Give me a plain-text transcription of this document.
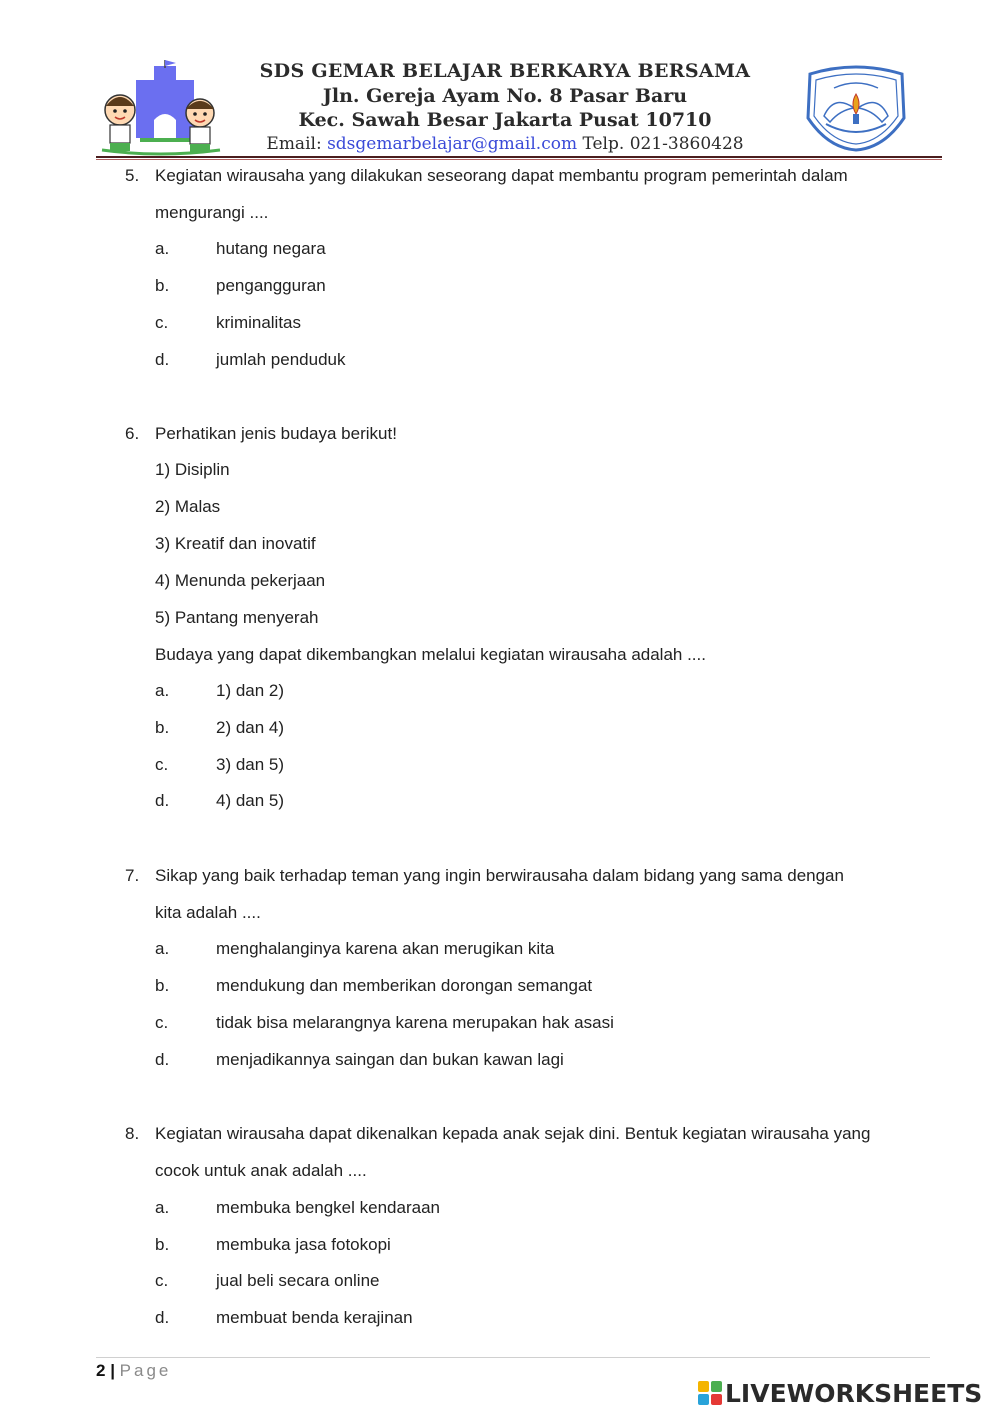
SDS GEMAR BELAJAR BERKARYA BERSAMA
Jln. Gereja Ayam No. 8 Pasar Baru
Kec. Sawah Besar Jakarta Pusat 10710
Email: sdsgemarbelajar@gmail.com Telp. 021-3860428
5. Kegiatan wirausaha yang dilakukan seseorang dapat membantu program pemerintah dalam
mengurangi ....
a.	hutang negara
b.	pengangguran
c.	kriminalitas
d.	jumlah penduduk
6. Perhatikan jenis budaya berikut!
1) Disiplin
2) Malas
3) Kreatif dan inovatif
4) Menunda pekerjaan
5) Pantang menyerah
Budaya yang dapat dikembangkan melalui kegiatan wirausaha adalah ....
a.	1) dan 2)
b.	2) dan 4)
c.	3) dan 5)
d.	4) dan 5)
7. Sikap yang baik terhadap teman yang ingin berwirausaha dalam bidang yang sama dengan
kita adalah ....
a.	menghalanginya karena akan merugikan kita
b.	mendukung dan memberikan dorongan semangat
c.	tidak bisa melarangnya karena merupakan hak asasi
d.	menjadikannya saingan dan bukan kawan lagi
8. Kegiatan wirausaha dapat dikenalkan kepada anak sejak dini. Bentuk kegiatan wirausaha yang
cocok untuk anak adalah ....
a.	membuka bengkel kendaraan
b.	membuka jasa fotokopi
c.	jual beli secara online
d.	membuat benda kerajinan
2 | Page
LIVEWORKSHEETS
